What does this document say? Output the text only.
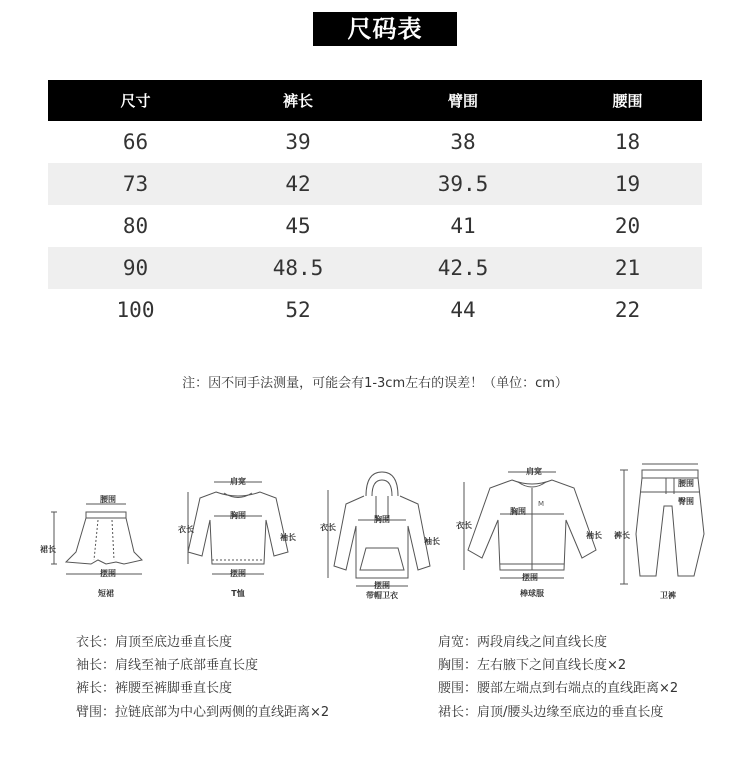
尺码表
尺寸	裤长	臂围	腰围
66	39	38	18
73	42	39.5	19
80	45	41	20
90	48.5	42.5	21
100	52	44	22
注：因不同手法测量，可能会有1-3cm左右的误差！（单位：cm）
腰围
裙长
摆围
短裙
肩宽
胸围
衣长
袖长
摆围
T恤
衣长
胸围
袖长
摆围
带帽卫衣
M
肩宽
衣长
胸围
袖长
摆围
棒球服
腰围
臀围
裤长
卫裤
衣长：肩顶至底边垂直长度
袖长：肩线至袖子底部垂直长度
裤长：裤腰至裤脚垂直长度
臂围：拉链底部为中心到两侧的直线距离×2
肩宽：两段肩线之间直线长度
胸围：左右腋下之间直线长度×2
腰围：腰部左端点到右端点的直线距离×2
裙长：肩顶/腰头边缘至底边的垂直长度
